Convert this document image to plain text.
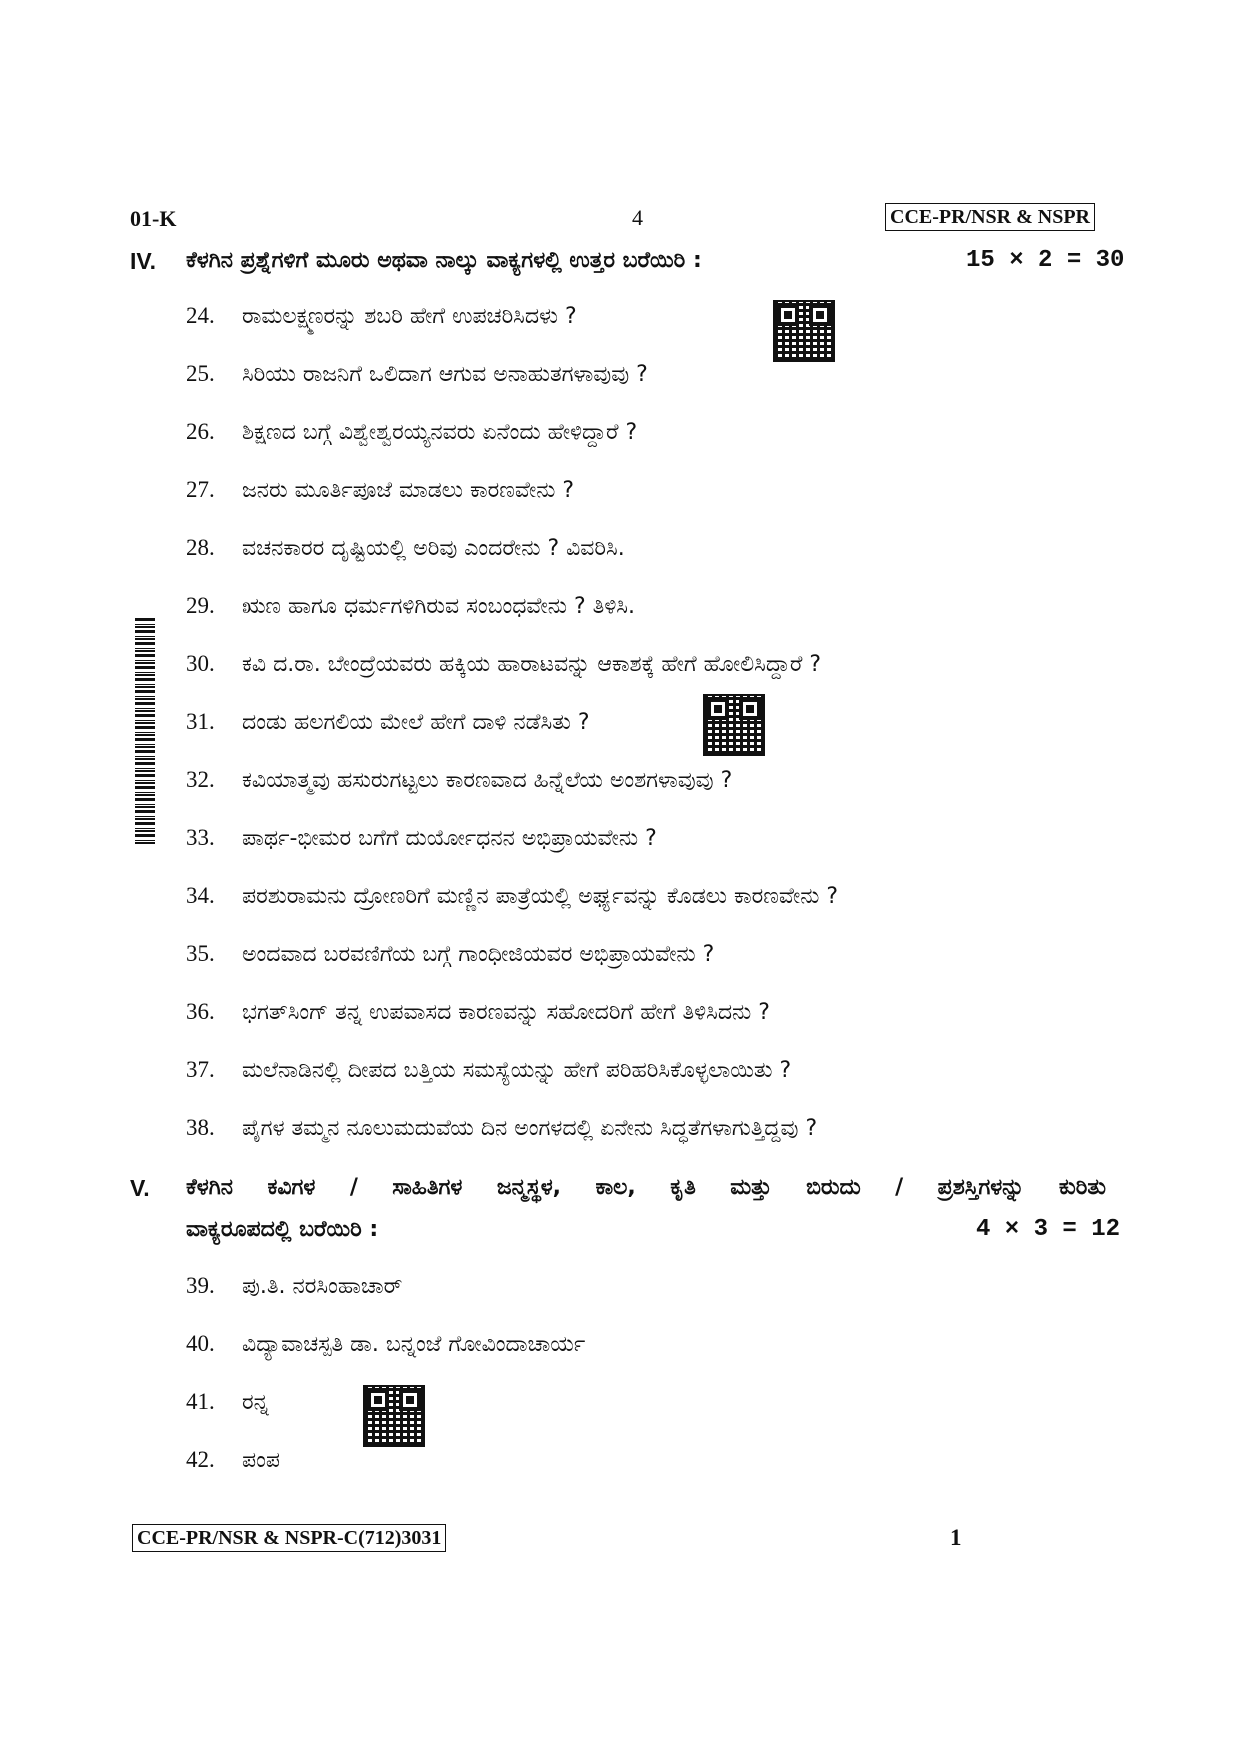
01-K	4	CCE-PR/NSR & NSPR
IV. ಕೆಳಗಿನ ಪ್ರಶ್ನೆಗಳಿಗೆ ಮೂರು ಅಥವಾ ನಾಲ್ಕು ವಾಕ್ಯಗಳಲ್ಲಿ ಉತ್ತರ ಬರೆಯಿರಿ :	15 × 2 = 30
24. ರಾಮಲಕ್ಷ್ಮಣರನ್ನು ಶಬರಿ ಹೇಗೆ ಉಪಚರಿಸಿದಳು ?
25. ಸಿರಿಯು ರಾಜನಿಗೆ ಒಲಿದಾಗ ಆಗುವ ಅನಾಹುತಗಳಾವುವು ?
26. ಶಿಕ್ಷಣದ ಬಗ್ಗೆ ವಿಶ್ವೇಶ್ವರಯ್ಯನವರು ಏನೆಂದು ಹೇಳಿದ್ದಾರೆ ?
27. ಜನರು ಮೂರ್ತಿಪೂಜೆ ಮಾಡಲು ಕಾರಣವೇನು ?
28. ವಚನಕಾರರ ದೃಷ್ಟಿಯಲ್ಲಿ ಅರಿವು ಎಂದರೇನು ? ವಿವರಿಸಿ.
29. ಋಣ ಹಾಗೂ ಧರ್ಮಗಳಿಗಿರುವ ಸಂಬಂಧವೇನು ? ತಿಳಿಸಿ.
30. ಕವಿ ದ.ರಾ. ಬೇಂದ್ರೆಯವರು ಹಕ್ಕಿಯ ಹಾರಾಟವನ್ನು ಆಕಾಶಕ್ಕೆ ಹೇಗೆ ಹೋಲಿಸಿದ್ದಾರೆ ?
31. ದಂಡು ಹಲಗಲಿಯ ಮೇಲೆ ಹೇಗೆ ದಾಳಿ ನಡೆಸಿತು ?
32. ಕವಿಯಾತ್ಮವು ಹಸುರುಗಟ್ಟಲು ಕಾರಣವಾದ ಹಿನ್ನೆಲೆಯ ಅಂಶಗಳಾವುವು ?
33. ಪಾರ್ಥ-ಭೀಮರ ಬಗೆಗೆ ದುರ್ಯೋಧನನ ಅಭಿಪ್ರಾಯವೇನು ?
34. ಪರಶುರಾಮನು ದ್ರೋಣರಿಗೆ ಮಣ್ಣಿನ ಪಾತ್ರೆಯಲ್ಲಿ ಅರ್ಘ್ಯವನ್ನು ಕೊಡಲು ಕಾರಣವೇನು ?
35. ಅಂದವಾದ ಬರವಣಿಗೆಯ ಬಗ್ಗೆ ಗಾಂಧೀಜಿಯವರ ಅಭಿಪ್ರಾಯವೇನು ?
36. ಭಗತ್‌ಸಿಂಗ್ ತನ್ನ ಉಪವಾಸದ ಕಾರಣವನ್ನು ಸಹೋದರಿಗೆ ಹೇಗೆ ತಿಳಿಸಿದನು ?
37. ಮಲೆನಾಡಿನಲ್ಲಿ ದೀಪದ ಬತ್ತಿಯ ಸಮಸ್ಯೆಯನ್ನು ಹೇಗೆ ಪರಿಹರಿಸಿಕೊಳ್ಳಲಾಯಿತು ?
38. ಪೈಗಳ ತಮ್ಮನ ನೂಲುಮದುವೆಯ ದಿನ ಅಂಗಳದಲ್ಲಿ ಏನೇನು ಸಿದ್ಧತೆಗಳಾಗುತ್ತಿದ್ದವು ?
V. ಕೆಳಗಿನ ಕವಿಗಳ / ಸಾಹಿತಿಗಳ ಜನ್ಮಸ್ಥಳ, ಕಾಲ, ಕೃತಿ ಮತ್ತು ಬಿರುದು / ಪ್ರಶಸ್ತಿಗಳನ್ನು ಕುರಿತು
ವಾಕ್ಯರೂಪದಲ್ಲಿ ಬರೆಯಿರಿ :	4 × 3 = 12
39. ಪು.ತಿ. ನರಸಿಂಹಾಚಾರ್
40. ವಿದ್ಯಾವಾಚಸ್ಪತಿ ಡಾ. ಬನ್ನಂಜೆ ಗೋವಿಂದಾಚಾರ್ಯ
41. ರನ್ನ
42. ಪಂಪ
CCE-PR/NSR & NSPR-C(712)3031	1
